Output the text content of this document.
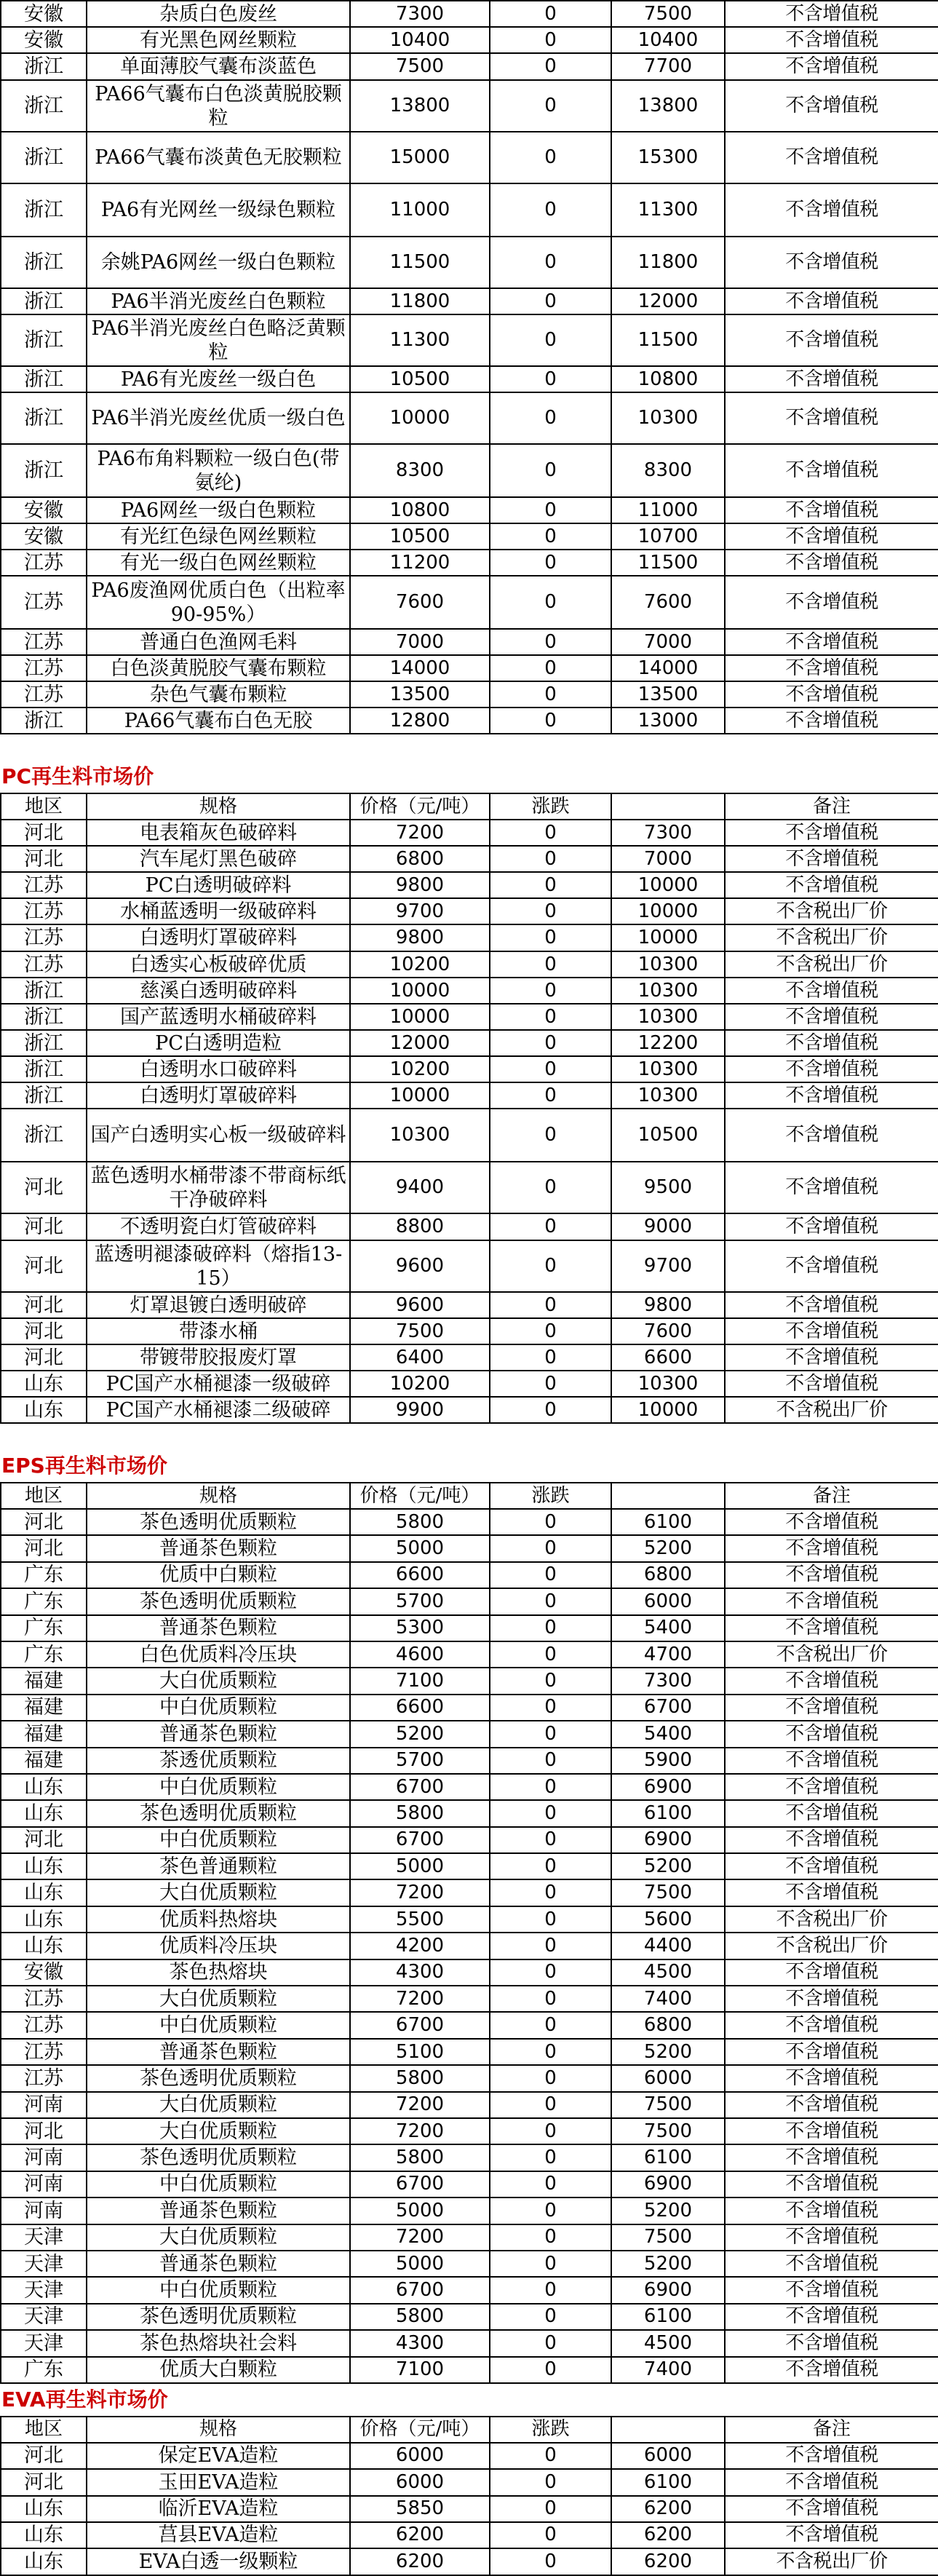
安徽	杂质白色废丝	7300	0	7500	不含增值税
安徽	有光黑色网丝颗粒	10400	0	10400	不含增值税
浙江	单面薄胶气囊布淡蓝色	7500	0	7700	不含增值税
浙江	PA66气囊布白色淡黄脱胶颗粒	13800	0	13800	不含增值税
浙江	PA66气囊布淡黄色无胶颗粒	15000	0	15300	不含增值税
浙江	PA6有光网丝一级绿色颗粒	11000	0	11300	不含增值税
浙江	余姚PA6网丝一级白色颗粒	11500	0	11800	不含增值税
浙江	PA6半消光废丝白色颗粒	11800	0	12000	不含增值税
浙江	PA6半消光废丝白色略泛黄颗粒	11300	0	11500	不含增值税
浙江	PA6有光废丝一级白色	10500	0	10800	不含增值税
浙江	PA6半消光废丝优质一级白色	10000	0	10300	不含增值税
浙江	PA6布角料颗粒一级白色(带氨纶)	8300	0	8300	不含增值税
安徽	PA6网丝一级白色颗粒	10800	0	11000	不含增值税
安徽	有光红色绿色网丝颗粒	10500	0	10700	不含增值税
江苏	有光一级白色网丝颗粒	11200	0	11500	不含增值税
江苏	PA6废渔网优质白色（出粒率90-95%）	7600	0	7600	不含增值税
江苏	普通白色渔网毛料	7000	0	7000	不含增值税
江苏	白色淡黄脱胶气囊布颗粒	14000	0	14000	不含增值税
江苏	杂色气囊布颗粒	13500	0	13500	不含增值税
浙江	PA66气囊布白色无胶	12800	0	13000	不含增值税
PC再生料市场价
地区	规格	价格（元/吨）	涨跌		备注
河北	电表箱灰色破碎料	7200	0	7300	不含增值税
河北	汽车尾灯黑色破碎	6800	0	7000	不含增值税
江苏	PC白透明破碎料	9800	0	10000	不含增值税
江苏	水桶蓝透明一级破碎料	9700	0	10000	不含税出厂价
江苏	白透明灯罩破碎料	9800	0	10000	不含税出厂价
江苏	白透实心板破碎优质	10200	0	10300	不含税出厂价
浙江	慈溪白透明破碎料	10000	0	10300	不含增值税
浙江	国产蓝透明水桶破碎料	10000	0	10300	不含增值税
浙江	PC白透明造粒	12000	0	12200	不含增值税
浙江	白透明水口破碎料	10200	0	10300	不含增值税
浙江	白透明灯罩破碎料	10000	0	10300	不含增值税
浙江	国产白透明实心板一级破碎料	10300	0	10500	不含增值税
河北	蓝色透明水桶带漆不带商标纸干净破碎料	9400	0	9500	不含增值税
河北	不透明瓷白灯管破碎料	8800	0	9000	不含增值税
河北	蓝透明褪漆破碎料（熔指13-15）	9600	0	9700	不含增值税
河北	灯罩退镀白透明破碎	9600	0	9800	不含增值税
河北	带漆水桶	7500	0	7600	不含增值税
河北	带镀带胶报废灯罩	6400	0	6600	不含增值税
山东	PC国产水桶褪漆一级破碎	10200	0	10300	不含增值税
山东	PC国产水桶褪漆二级破碎	9900	0	10000	不含税出厂价
EPS再生料市场价
地区	规格	价格（元/吨）	涨跌		备注
河北	茶色透明优质颗粒	5800	0	6100	不含增值税
河北	普通茶色颗粒	5000	0	5200	不含增值税
广东	优质中白颗粒	6600	0	6800	不含增值税
广东	茶色透明优质颗粒	5700	0	6000	不含增值税
广东	普通茶色颗粒	5300	0	5400	不含增值税
广东	白色优质料冷压块	4600	0	4700	不含税出厂价
福建	大白优质颗粒	7100	0	7300	不含增值税
福建	中白优质颗粒	6600	0	6700	不含增值税
福建	普通茶色颗粒	5200	0	5400	不含增值税
福建	茶透优质颗粒	5700	0	5900	不含增值税
山东	中白优质颗粒	6700	0	6900	不含增值税
山东	茶色透明优质颗粒	5800	0	6100	不含增值税
河北	中白优质颗粒	6700	0	6900	不含增值税
山东	茶色普通颗粒	5000	0	5200	不含增值税
山东	大白优质颗粒	7200	0	7500	不含增值税
山东	优质料热熔块	5500	0	5600	不含税出厂价
山东	优质料冷压块	4200	0	4400	不含税出厂价
安徽	茶色热熔块	4300	0	4500	不含增值税
江苏	大白优质颗粒	7200	0	7400	不含增值税
江苏	中白优质颗粒	6700	0	6800	不含增值税
江苏	普通茶色颗粒	5100	0	5200	不含增值税
江苏	茶色透明优质颗粒	5800	0	6000	不含增值税
河南	大白优质颗粒	7200	0	7500	不含增值税
河北	大白优质颗粒	7200	0	7500	不含增值税
河南	茶色透明优质颗粒	5800	0	6100	不含增值税
河南	中白优质颗粒	6700	0	6900	不含增值税
河南	普通茶色颗粒	5000	0	5200	不含增值税
天津	大白优质颗粒	7200	0	7500	不含增值税
天津	普通茶色颗粒	5000	0	5200	不含增值税
天津	中白优质颗粒	6700	0	6900	不含增值税
天津	茶色透明优质颗粒	5800	0	6100	不含增值税
天津	茶色热熔块社会料	4300	0	4500	不含增值税
广东	优质大白颗粒	7100	0	7400	不含增值税
EVA再生料市场价
地区	规格	价格（元/吨）	涨跌		备注
河北	保定EVA造粒	6000	0	6000	不含增值税
河北	玉田EVA造粒	6000	0	6100	不含增值税
山东	临沂EVA造粒	5850	0	6200	不含增值税
山东	莒县EVA造粒	6200	0	6200	不含增值税
山东	EVA白透一级颗粒	6200	0	6200	不含税出厂价
